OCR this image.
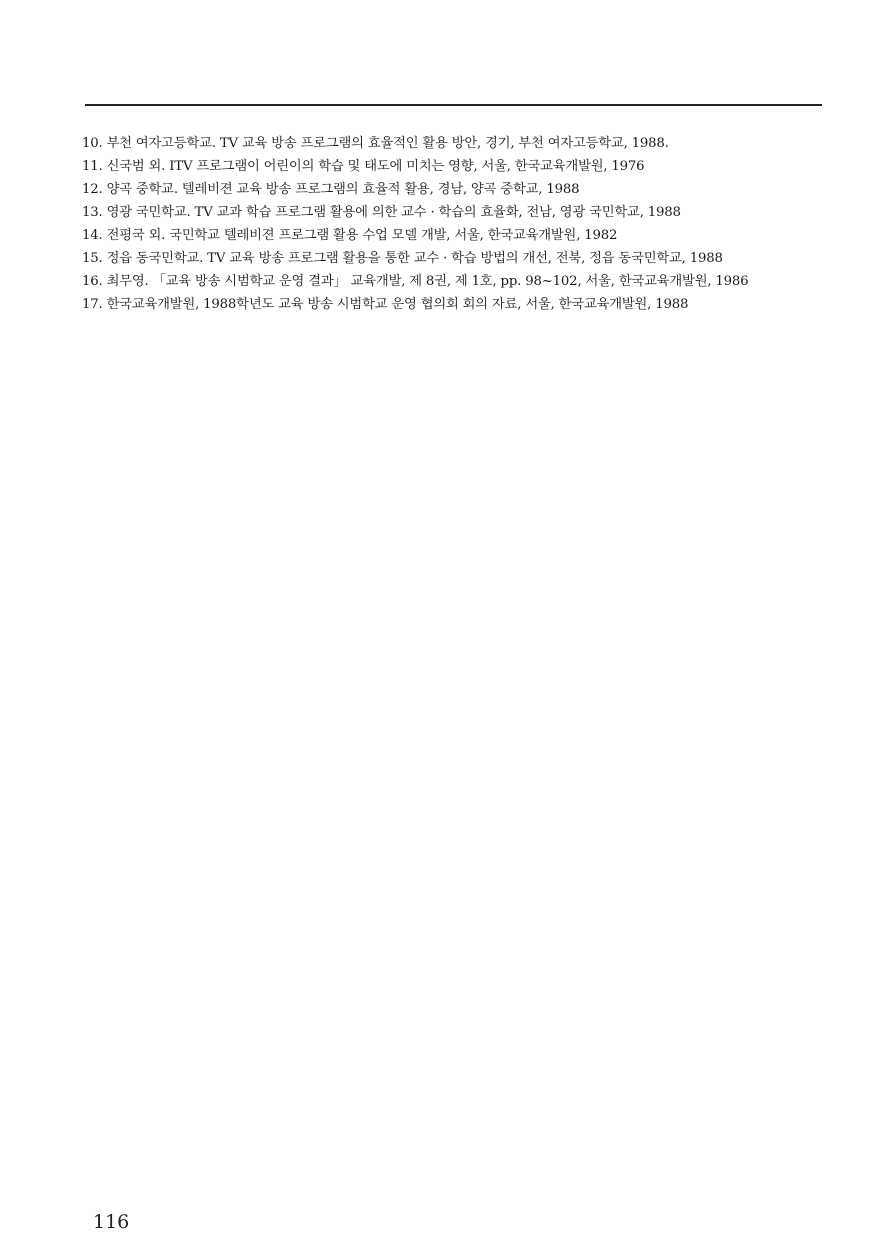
10. 부천 여자고등학교. TV 교육 방송 프로그램의 효율적인 활용 방안, 경기, 부천 여자고등학교, 1988.
11. 신국범 외. ITV 프로그램이 어린이의 학습 및 태도에 미치는 영향, 서울, 한국교육개발원, 1976
12. 양곡 중학교. 텔레비젼 교육 방송 프로그램의 효율적 활용, 경남, 양곡 중학교, 1988
13. 영광 국민학교. TV 교과 학습 프로그램 활용에 의한 교수 · 학습의 효율화, 전남, 영광 국민학교, 1988
14. 전평국 외. 국민학교 텔레비젼 프로그램 활용 수업 모델 개발, 서울, 한국교육개발원, 1982
15. 정읍 동국민학교. TV 교육 방송 프로그램 활용을 통한 교수 · 학습 방법의 개선, 전북, 정읍 동국민학교, 1988
16. 최무영. 「교육 방송 시범학교 운영 결과」 교육개발, 제 8권, 제 1호, pp. 98~102, 서울, 한국교육개발원, 1986
17. 한국교육개발원, 1988학년도 교육 방송 시범학교 운영 협의회 회의 자료, 서울, 한국교육개발원, 1988
116
